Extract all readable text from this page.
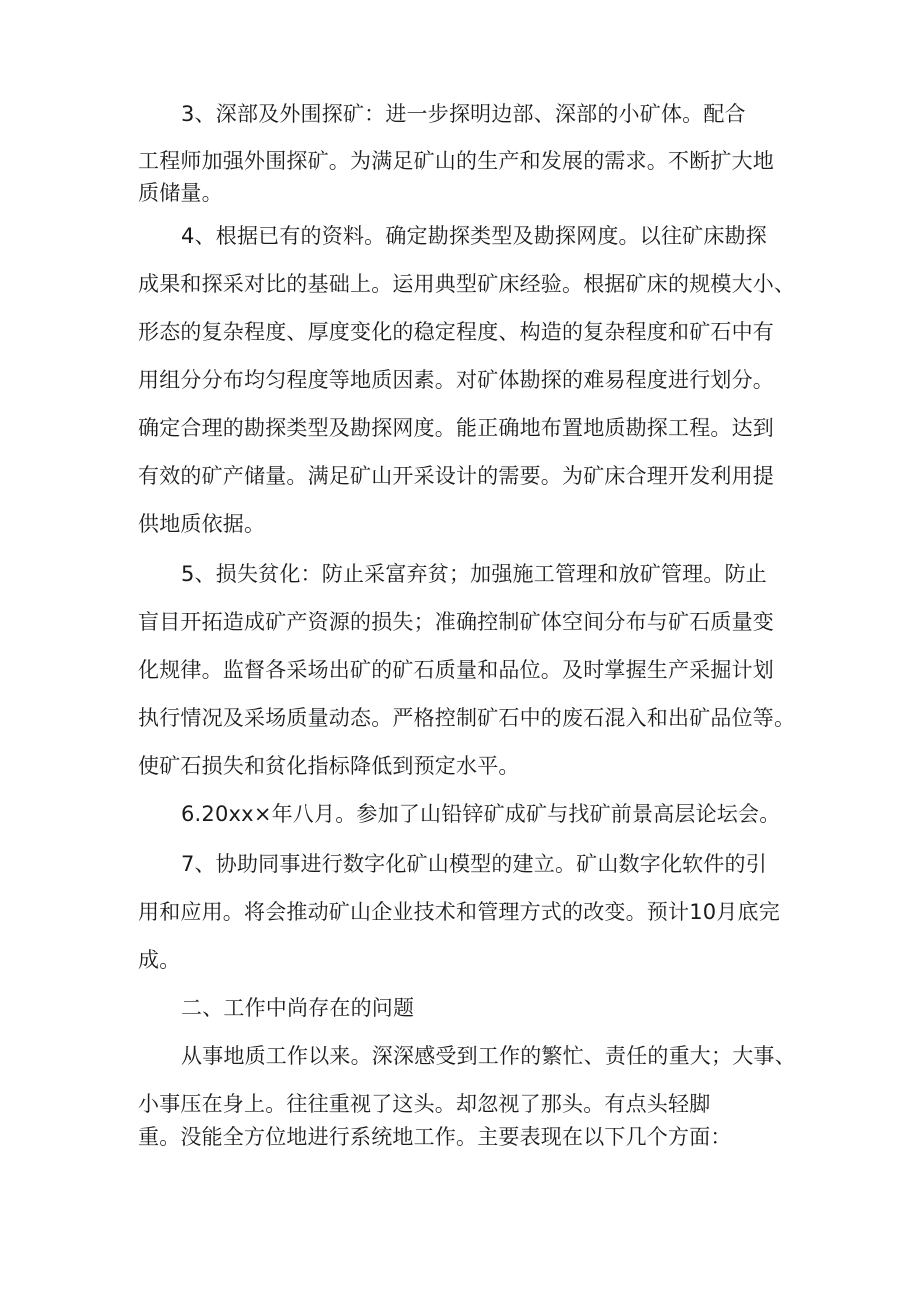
3、深部及外围探矿：进一步探明边部、深部的小矿体。配合
工程师加强外围探矿。为满足矿山的生产和发展的需求。不断扩大地
质储量。
4、根据已有的资料。确定勘探类型及勘探网度。以往矿床勘探
成果和探采对比的基础上。运用典型矿床经验。根据矿床的规模大小、
形态的复杂程度、厚度变化的稳定程度、构造的复杂程度和矿石中有
用组分分布均匀程度等地质因素。对矿体勘探的难易程度进行划分。
确定合理的勘探类型及勘探网度。能正确地布置地质勘探工程。达到
有效的矿产储量。满足矿山开采设计的需要。为矿床合理开发利用提
供地质依据。
5、损失贫化：防止采富弃贫；加强施工管理和放矿管理。防止
盲目开拓造成矿产资源的损失；准确控制矿体空间分布与矿石质量变
化规律。监督各采场出矿的矿石质量和品位。及时掌握生产采掘计划
执行情况及采场质量动态。严格控制矿石中的废石混入和出矿品位等。
使矿石损失和贫化指标降低到预定水平。
6.20xx×年八月。参加了山铅锌矿成矿与找矿前景高层论坛会。
7、协助同事进行数字化矿山模型的建立。矿山数字化软件的引
用和应用。将会推动矿山企业技术和管理方式的改变。预计10月底完
成。
二、工作中尚存在的问题
从事地质工作以来。深深感受到工作的繁忙、责任的重大；大事、
小事压在身上。往往重视了这头。却忽视了那头。有点头轻脚
重。没能全方位地进行系统地工作。主要表现在以下几个方面：
